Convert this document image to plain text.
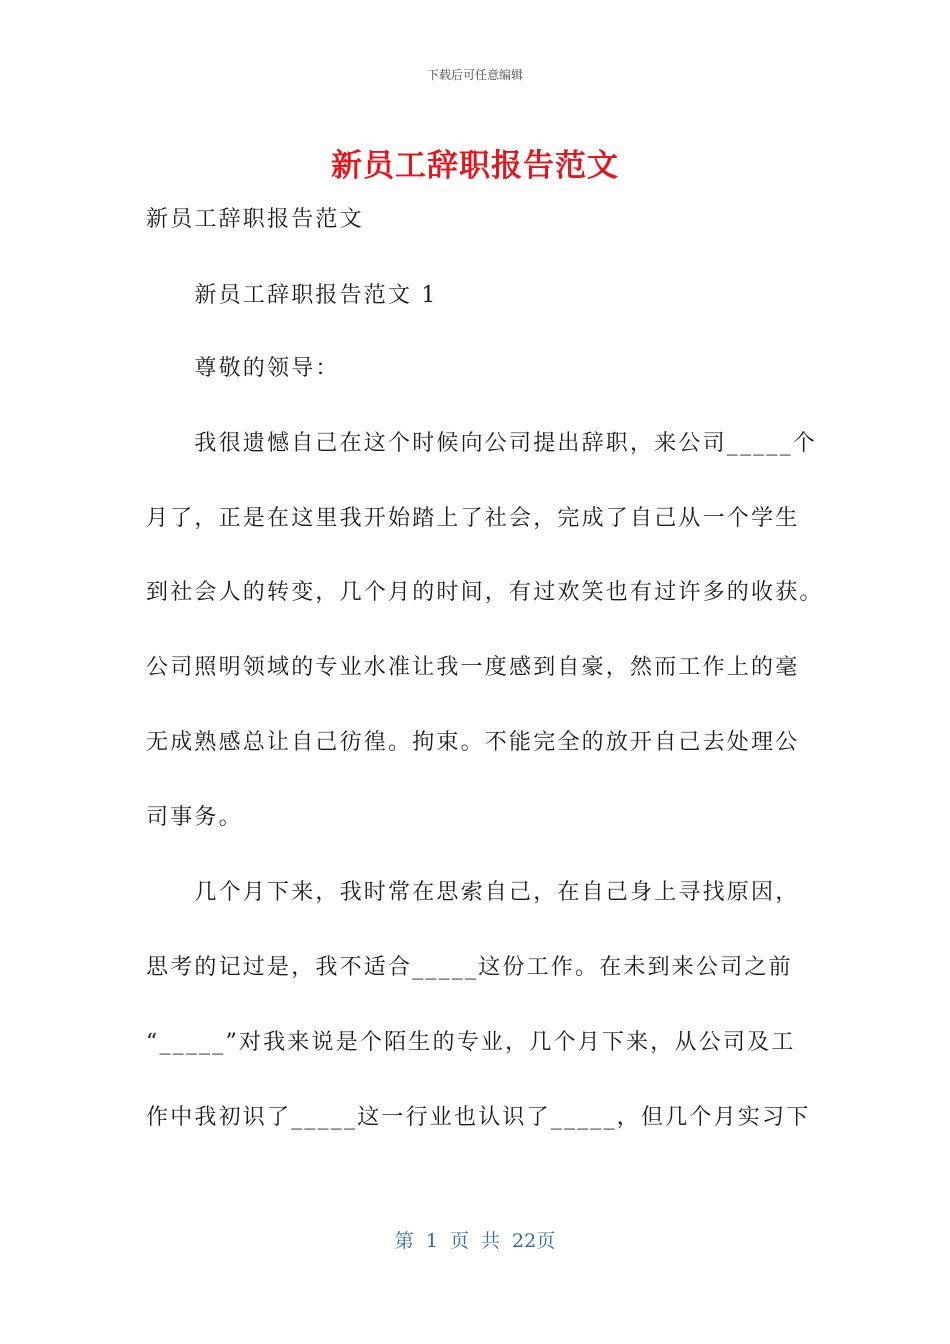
下载后可任意编辑
新员工辞职报告范文
新员工辞职报告范文
　　新员工辞职报告范文 1
　　尊敬的领导：
　　我很遗憾自己在这个时候向公司提出辞职，来公司_____个
月了，正是在这里我开始踏上了社会，完成了自己从一个学生
到社会人的转变，几个月的时间，有过欢笑也有过许多的收获。
公司照明领域的专业水准让我一度感到自豪，然而工作上的毫
无成熟感总让自己彷徨。拘束。不能完全的放开自己去处理公
司事务。
　　几个月下来，我时常在思索自己，在自己身上寻找原因，
思考的记过是，我不适合_____这份工作。在未到来公司之前
“_____”对我来说是个陌生的专业，几个月下来，从公司及工
作中我初识了_____这一行业也认识了_____，但几个月实习下
第 1 页 共 22页
